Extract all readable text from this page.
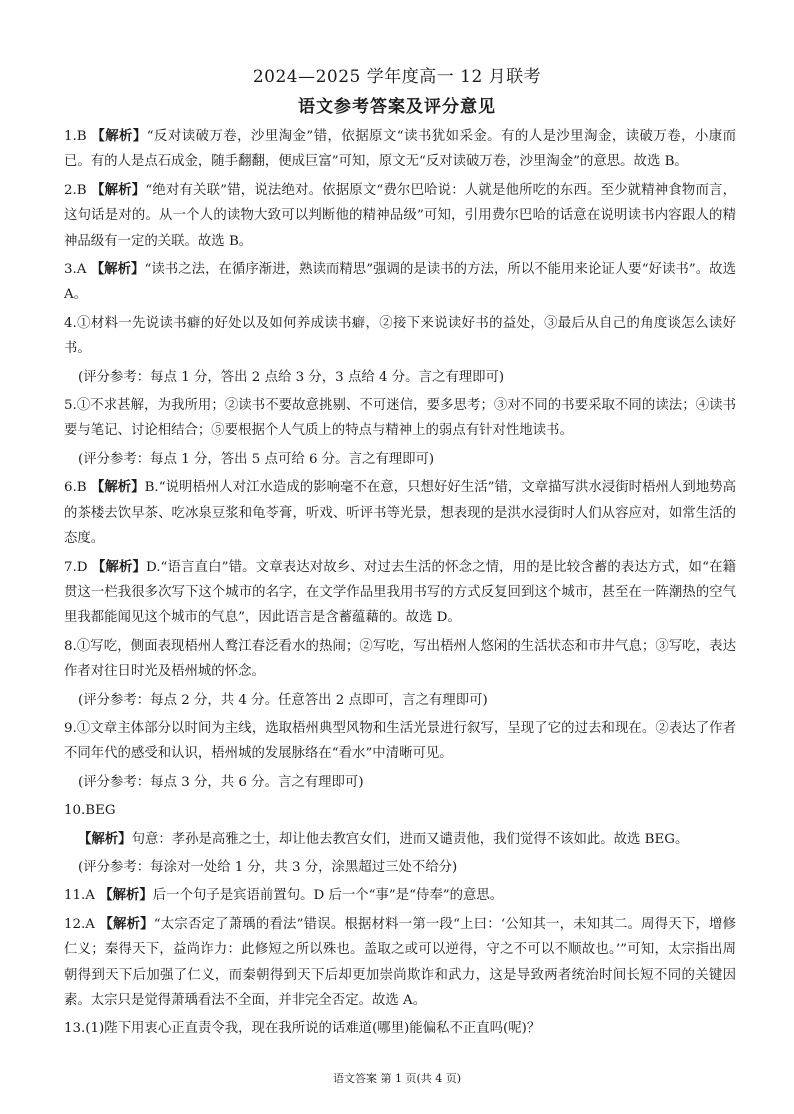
2024—2025 学年度高一 12 月联考
语文参考答案及评分意见
1.B 【解析】“反对读破万卷，沙里淘金”错，依据原文“读书犹如采金。有的人是沙里淘金，读破万卷，小康而已。有的人是点石成金，随手翻翻，便成巨富”可知，原文无“反对读破万卷，沙里淘金”的意思。故选 B。
2.B 【解析】“绝对有关联”错，说法绝对。依据原文“费尔巴哈说：人就是他所吃的东西。至少就精神食物而言，这句话是对的。从一个人的读物大致可以判断他的精神品级”可知，引用费尔巴哈的话意在说明读书内容跟人的精神品级有一定的关联。故选 B。
3.A 【解析】“读书之法，在循序渐进，熟读而精思”强调的是读书的方法，所以不能用来论证人要“好读书”。故选 A。
4.①材料一先说读书癖的好处以及如何养成读书癖，②接下来说读好书的益处，③最后从自己的角度谈怎么读好书。
(评分参考：每点 1 分，答出 2 点给 3 分，3 点给 4 分。言之有理即可)
5.①不求甚解，为我所用；②读书不要故意挑剔、不可迷信，要多思考；③对不同的书要采取不同的读法；④读书要与笔记、讨论相结合；⑤要根据个人气质上的特点与精神上的弱点有针对性地读书。
(评分参考：每点 1 分，答出 5 点可给 6 分。言之有理即可)
6.B 【解析】B.“说明梧州人对江水造成的影响毫不在意，只想好好生活”错，文章描写洪水浸街时梧州人到地势高的茶楼去饮早茶、吃冰泉豆浆和龟苓膏，听戏、听评书等光景，想表现的是洪水浸街时人们从容应对，如常生活的态度。
7.D 【解析】D.“语言直白”错。文章表达对故乡、对过去生活的怀念之情，用的是比较含蓄的表达方式，如“在籍贯这一栏我很多次写下这个城市的名字，在文学作品里我用书写的方式反复回到这个城市，甚至在一阵潮热的空气里我都能闻见这个城市的气息”，因此语言是含蓄蕴藉的。故选 D。
8.①写吃，侧面表现梧州人鹜江春泛看水的热闹；②写吃，写出梧州人悠闲的生活状态和市井气息；③写吃，表达作者对往日时光及梧州城的怀念。
(评分参考：每点 2 分，共 4 分。任意答出 2 点即可，言之有理即可)
9.①文章主体部分以时间为主线，选取梧州典型风物和生活光景进行叙写，呈现了它的过去和现在。②表达了作者不同年代的感受和认识，梧州城的发展脉络在“看水”中清晰可见。
(评分参考：每点 3 分，共 6 分。言之有理即可)
10.BEG
【解析】句意：孝孙是高雅之士，却让他去教宫女们，进而又谴责他，我们觉得不该如此。故选 BEG。
(评分参考：每涂对一处给 1 分，共 3 分，涂黑超过三处不给分)
11.A 【解析】后一个句子是宾语前置句。D 后一个“事”是“侍奉”的意思。
12.A 【解析】“太宗否定了萧瑀的看法”错误。根据材料一第一段“上曰：‘公知其一，未知其二。周得天下，增修仁义；秦得天下，益尚诈力：此修短之所以殊也。盖取之或可以逆得，守之不可以不顺故也。’”可知，太宗指出周朝得到天下后加强了仁义，而秦朝得到天下后却更加崇尚欺诈和武力，这是导致两者统治时间长短不同的关键因素。太宗只是觉得萧瑀看法不全面，并非完全否定。故选 A。
13.(1)陛下用衷心正直责令我，现在我所说的话难道(哪里)能偏私不正直吗(呢)？
语文答案 第 1 页(共 4 页)
